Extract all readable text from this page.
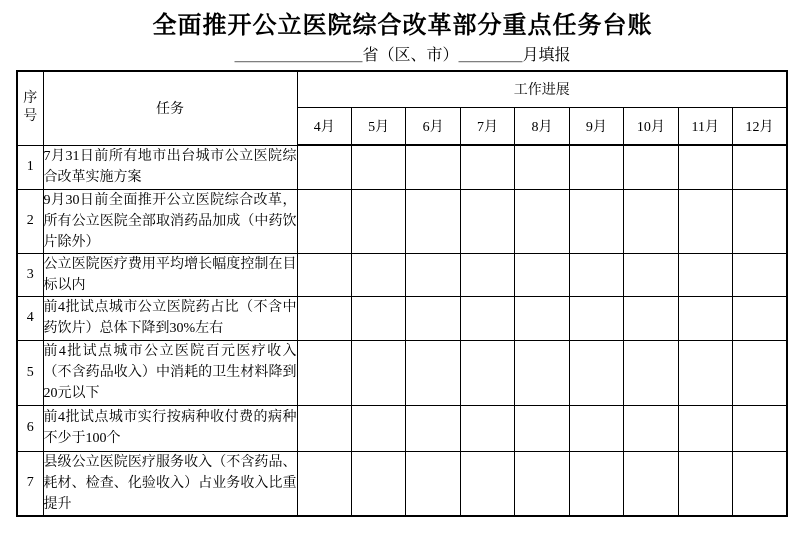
全面推开公立医院综合改革部分重点任务台账
＿＿＿＿＿＿＿＿省（区、市）＿＿＿＿月填报
序号	任务	工作进展								
		4月	5月	6月	7月	8月	9月	10月	11月	12月
1	7月31日前所有地市出台城市公立医院综合改革实施方案									
2	9月30日前全面推开公立医院综合改革，所有公立医院全部取消药品加成（中药饮片除外）									
3	公立医院医疗费用平均增长幅度控制在目标以内									
4	前4批试点城市公立医院药占比（不含中药饮片）总体下降到30%左右									
5	前4批试点城市公立医院百元医疗收入（不含药品收入）中消耗的卫生材料降到20元以下									
6	前4批试点城市实行按病种收付费的病种不少于100个									
7	县级公立医院医疗服务收入（不含药品、耗材、检查、化验收入）占业务收入比重提升									
